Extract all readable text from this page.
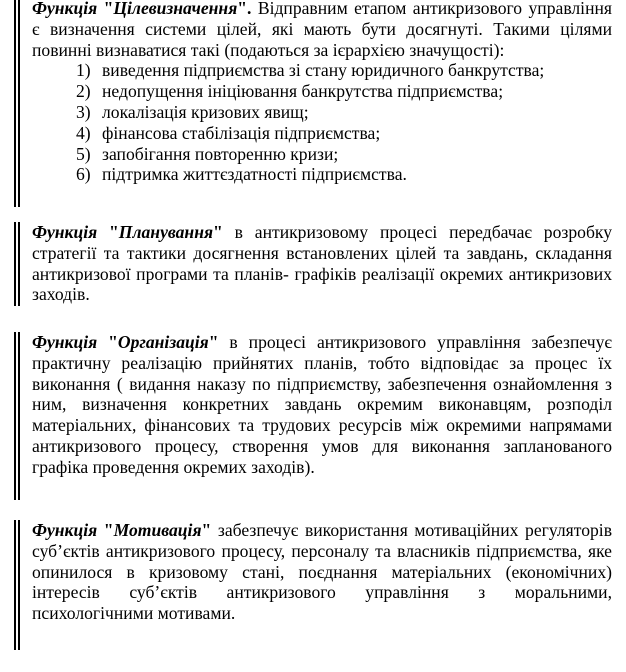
Функція "Цілевизначення". Відправним етапом антикризового управління є визначення системи цілей, які мають бути досягнуті. Такими цілями повинні визнаватися такі (подаються за ієрархією значущості):

1) виведення підприємства зі стану юридичного банкрутства;
2) недопущення ініціювання банкрутства підприємства;
3) локалізація кризових явищ;
4) фінансова стабілізація підприємства;
5) запобігання повторенню кризи;
6) підтримка життєздатності підприємства.

Функція "Планування" в антикризовому процесі передбачає розробку стратегії та тактики досягнення встановлених цілей та завдань, складання антикризової програми та планів- графіків реалізації окремих антикризових заходів.

Функція "Організація" в процесі антикризового управління забезпечує практичну реалізацію прийнятих планів, тобто відповідає за процес їх виконання ( видання наказу по підприємству, забезпечення ознайомлення з ним, визначення конкретних завдань окремим виконавцям, розподіл матеріальних, фінансових та трудових ресурсів між окремими напрямами антикризового процесу, створення умов для виконання запланованого графіка проведення окремих заходів).

Функція "Мотивація" забезпечує використання мотиваційних регуляторів суб’єктів антикризового процесу, персоналу та власників підприємства, яке опинилося в кризовому стані, поєднання матеріальних (економічних) інтересів суб’єктів антикризового управління з моральними, психологічними мотивами.
